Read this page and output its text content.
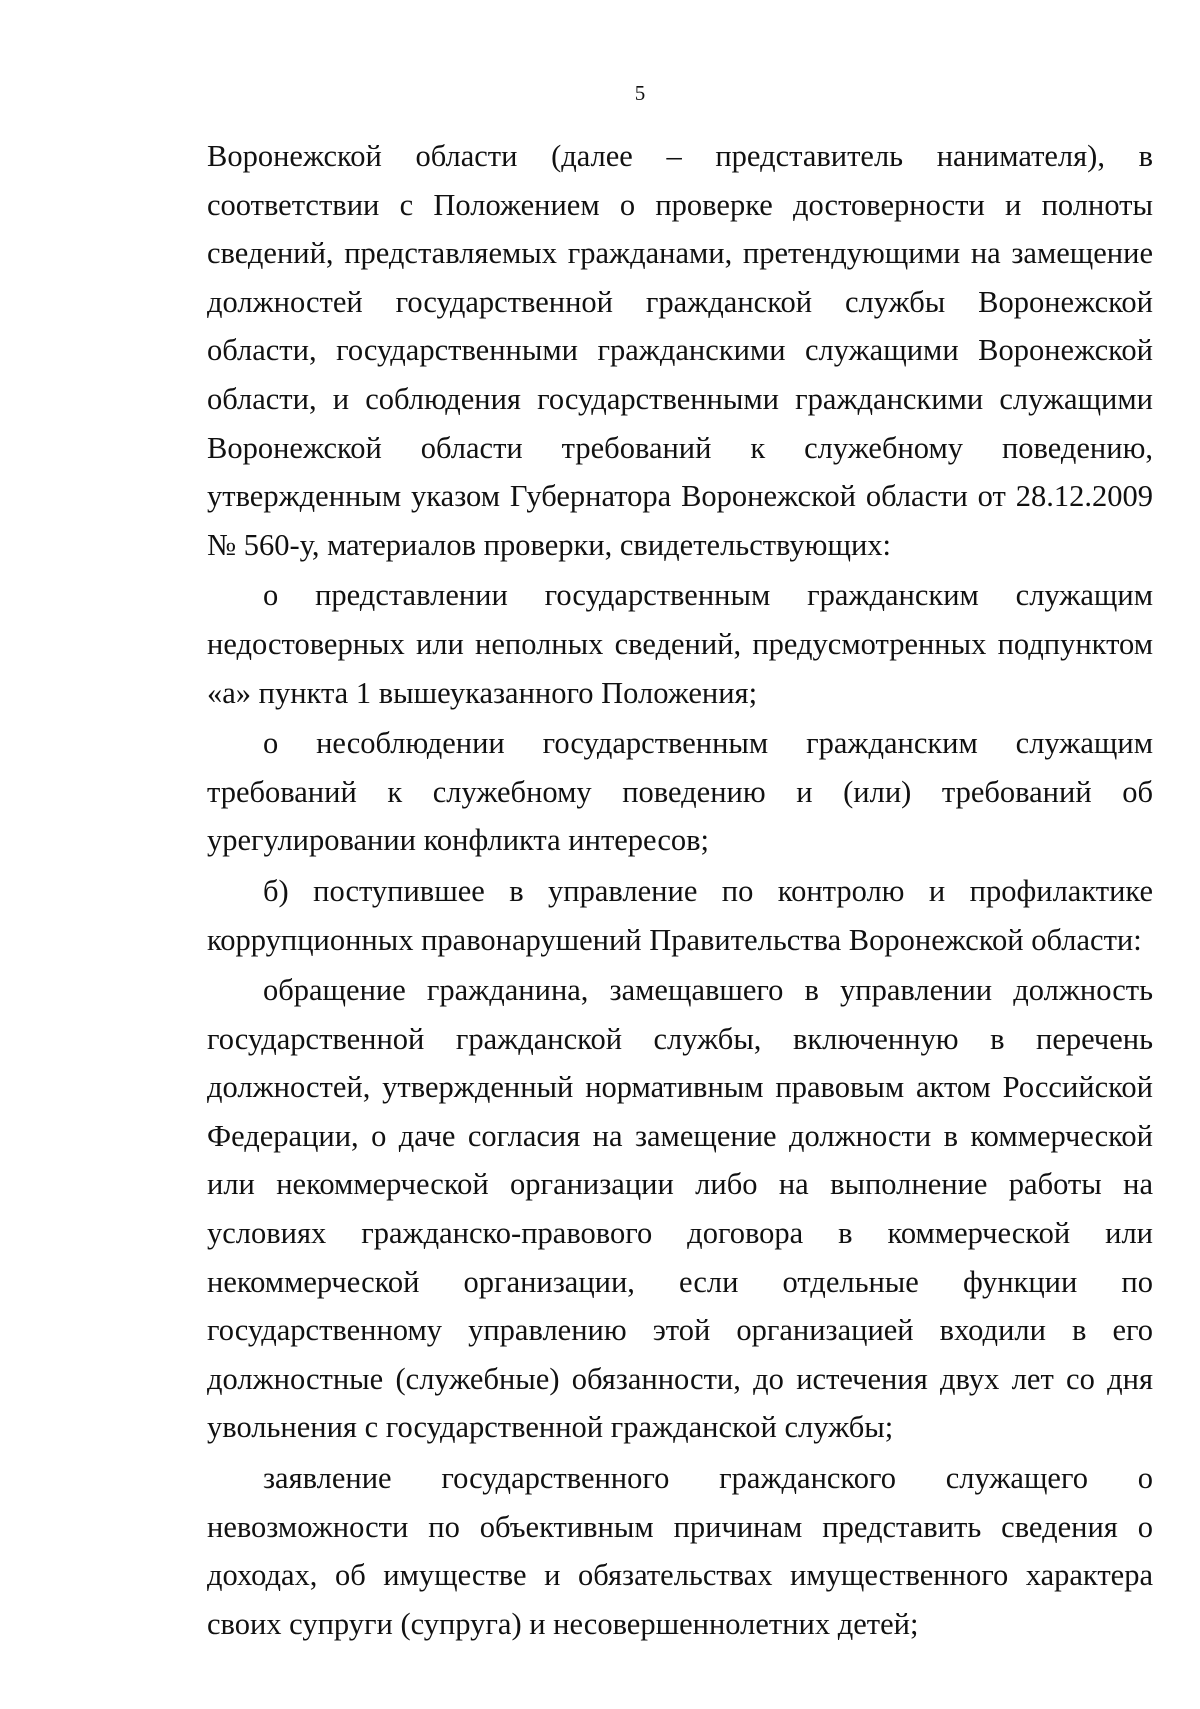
5

Воронежской области (далее – представитель нанимателя), в соответствии с Положением о проверке достоверности и полноты сведений, представляемых гражданами, претендующими на замещение должностей государственной гражданской службы Воронежской области, государственными гражданскими служащими Воронежской области, и соблюдения государственными гражданскими служащими Воронежской области требований к служебному поведению, утвержденным указом Губернатора Воронежской области от 28.12.2009 № 560-у, материалов проверки, свидетельствующих:

о представлении государственным гражданским служащим недостоверных или неполных сведений, предусмотренных подпунктом «а» пункта 1 вышеуказанного Положения;

о несоблюдении государственным гражданским служащим требований к служебному поведению и (или) требований об урегулировании конфликта интересов;

б) поступившее в управление по контролю и профилактике коррупционных правонарушений Правительства Воронежской области:

обращение гражданина, замещавшего в управлении должность государственной гражданской службы, включенную в перечень должностей, утвержденный нормативным правовым актом Российской Федерации, о даче согласия на замещение должности в коммерческой или некоммерческой организации либо на выполнение работы на условиях гражданско-правового договора в коммерческой или некоммерческой организации, если отдельные функции по государственному управлению этой организацией входили в его должностные (служебные) обязанности, до истечения двух лет со дня увольнения с государственной гражданской службы;

заявление государственного гражданского служащего о невозможности по объективным причинам представить сведения о доходах, об имуществе и обязательствах имущественного характера своих супруги (супруга) и несовершеннолетних детей;
